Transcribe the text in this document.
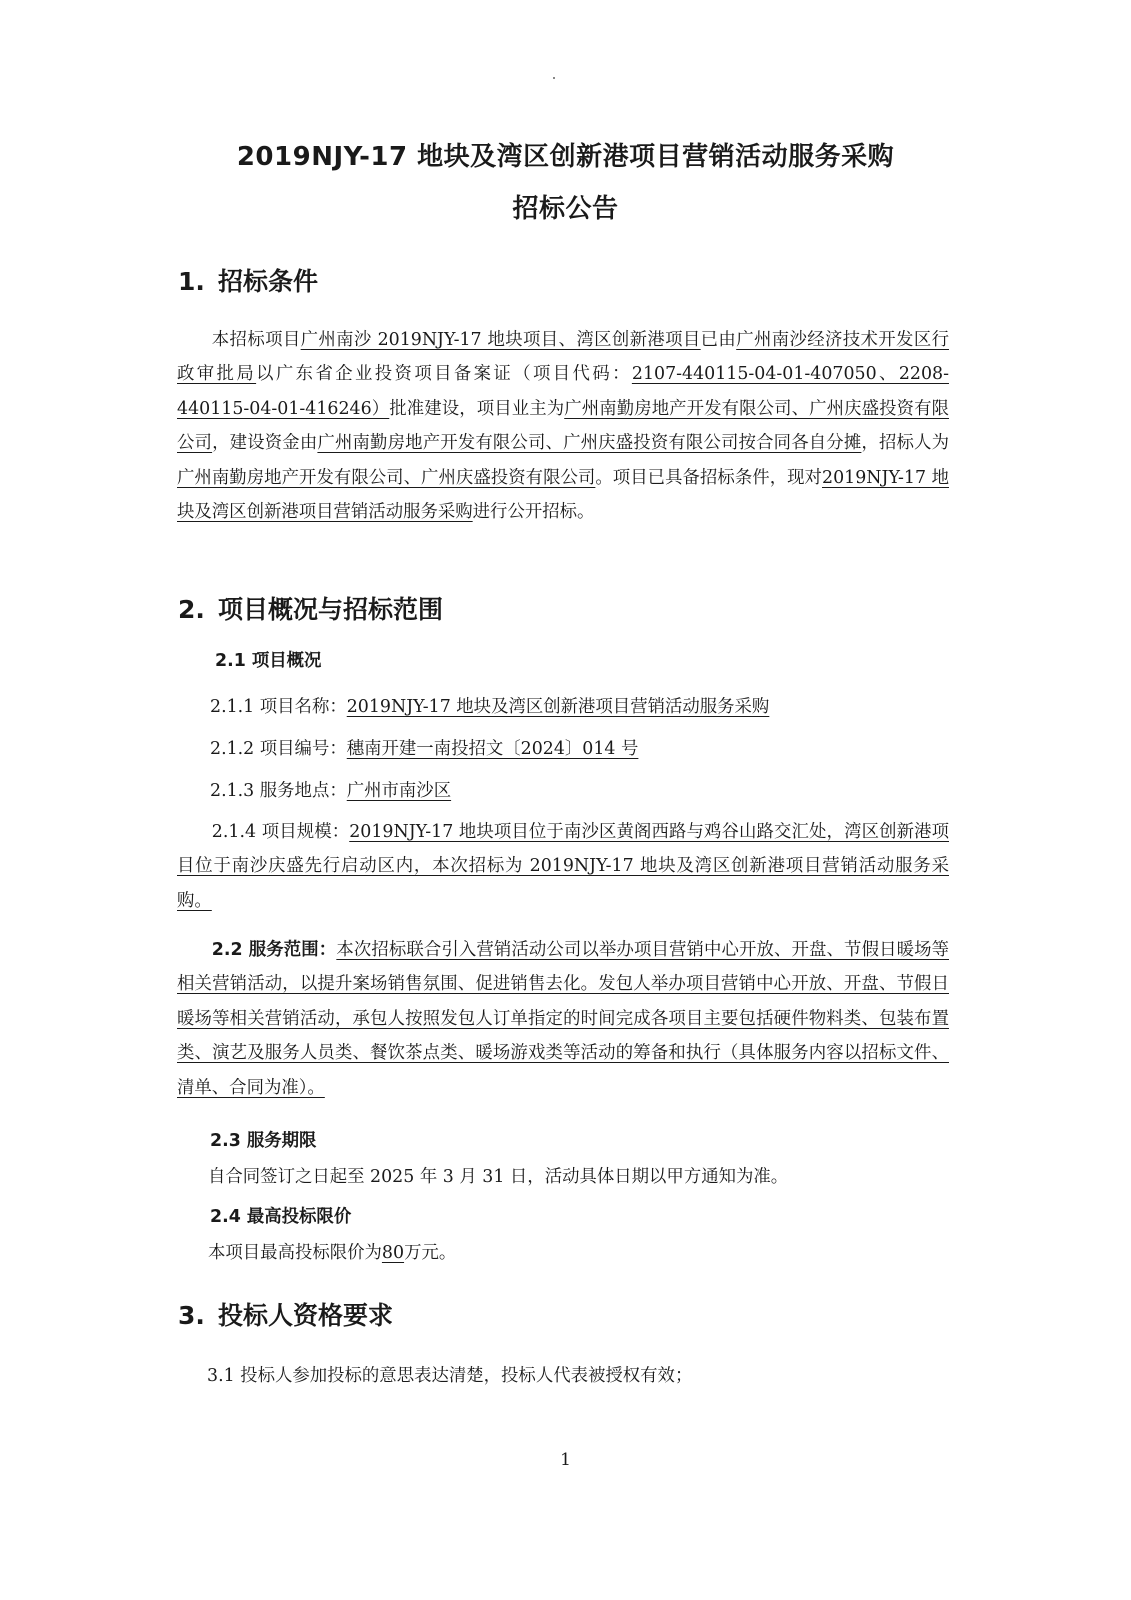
2019NJY-17 地块及湾区创新港项目营销活动服务采购
招标公告
1. 招标条件
本招标项目广州南沙 2019NJY-17 地块项目、湾区创新港项目已由广州南沙经济技术开发区行政审批局以广东省企业投资项目备案证（项目代码：2107-440115-04-01-407050、2208-440115-04-01-416246）批准建设，项目业主为广州南勤房地产开发有限公司、广州庆盛投资有限公司，建设资金由广州南勤房地产开发有限公司、广州庆盛投资有限公司按合同各自分摊，招标人为广州南勤房地产开发有限公司、广州庆盛投资有限公司。项目已具备招标条件，现对2019NJY-17 地块及湾区创新港项目营销活动服务采购进行公开招标。
2. 项目概况与招标范围
2.1 项目概况
2.1.1 项目名称：2019NJY-17 地块及湾区创新港项目营销活动服务采购
2.1.2 项目编号：穗南开建一南投招文〔2024〕014 号
2.1.3 服务地点：广州市南沙区
2.1.4 项目规模：2019NJY-17 地块项目位于南沙区黄阁西路与鸡谷山路交汇处，湾区创新港项目位于南沙庆盛先行启动区内，本次招标为 2019NJY-17 地块及湾区创新港项目营销活动服务采购。
2.2 服务范围：本次招标联合引入营销活动公司以举办项目营销中心开放、开盘、节假日暖场等相关营销活动，以提升案场销售氛围、促进销售去化。发包人举办项目营销中心开放、开盘、节假日暖场等相关营销活动，承包人按照发包人订单指定的时间完成各项目主要包括硬件物料类、包装布置类、演艺及服务人员类、餐饮茶点类、暖场游戏类等活动的筹备和执行（具体服务内容以招标文件、清单、合同为准）。
2.3 服务期限
自合同签订之日起至 2025 年 3 月 31 日，活动具体日期以甲方通知为准。
2.4 最高投标限价
本项目最高投标限价为80万元。
3. 投标人资格要求
3.1 投标人参加投标的意思表达清楚，投标人代表被授权有效；
1
